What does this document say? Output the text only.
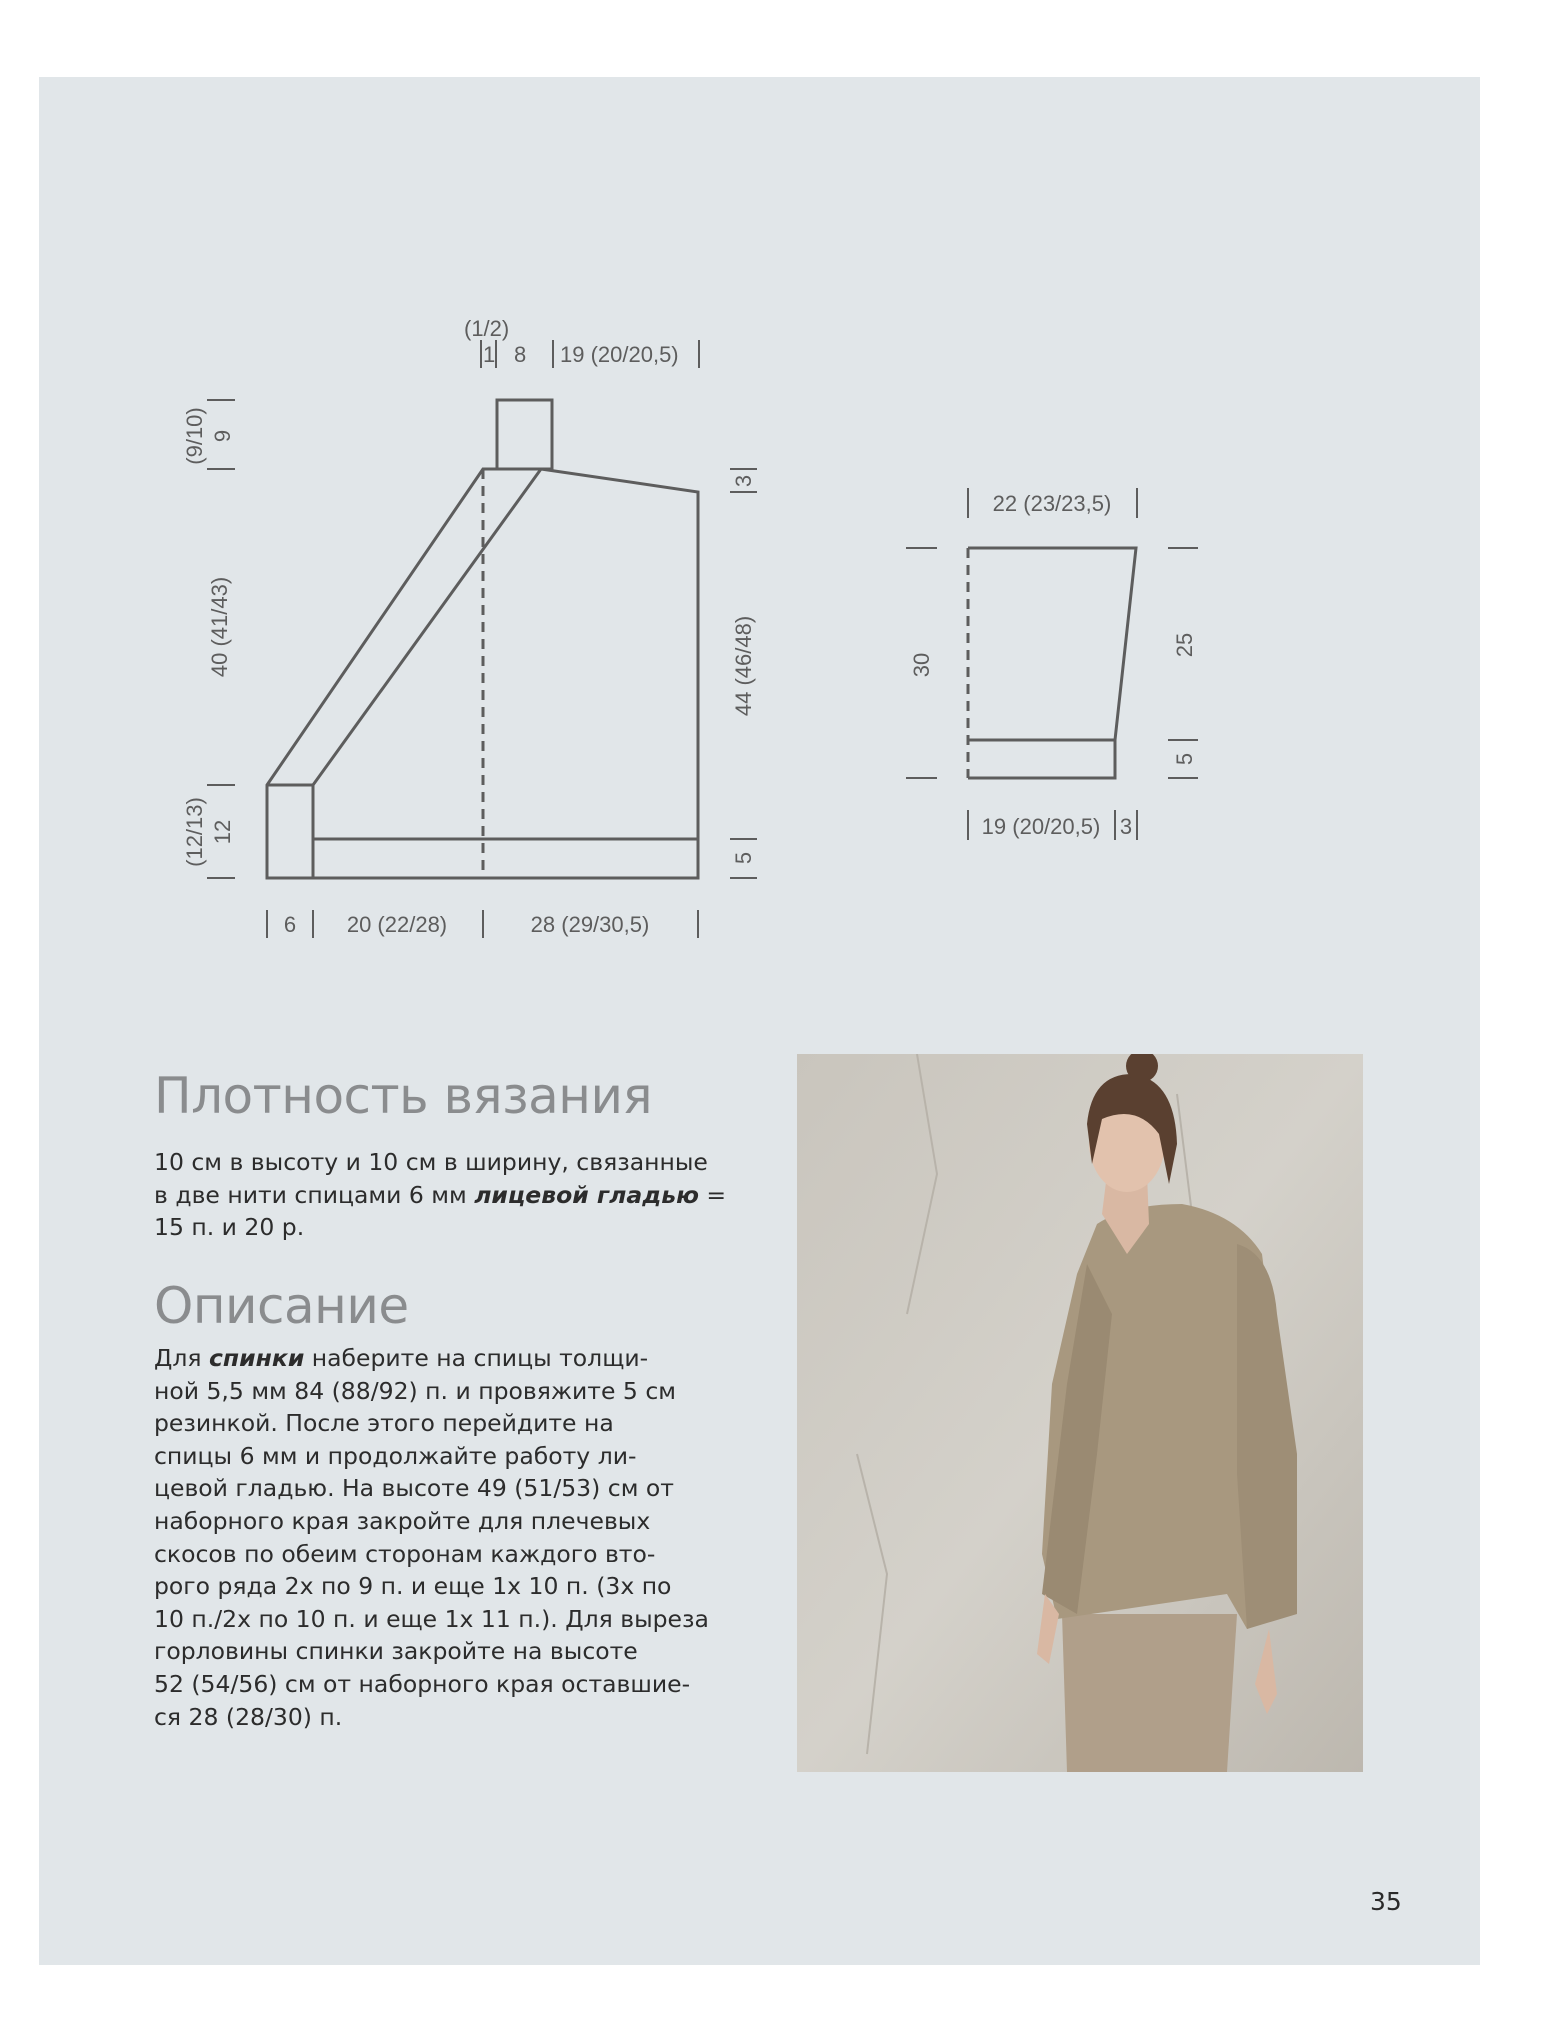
(1/2)
1 8 19 (20/20,5)
(9/10) 9
40 (41/43)
(12/13) 12
3
44 (46/48)
5
6 20 (22/28)	28 (29/30,5)
22 (23/23,5)
30
25
5
19 (20/20,5) 3
Плотность вязания

10 см в высоту и 10 см в ширину, связанные
в две нити спицами 6 мм лицевой гладью =
15 п. и 20 р.

Описание

Для спинки наберите на спицы толщи-
ной 5,5 мм 84 (88/92) п. и провяжите 5 см
резинкой. После этого перейдите на
спицы 6 мм и продолжайте работу ли-
цевой гладью. На высоте 49 (51/53) см от
наборного края закройте для плечевых
скосов по обеим сторонам каждого вто-
рого ряда 2х по 9 п. и еще 1х 10 п. (3х по
10 п./2х по 10 п. и еще 1х 11 п.). Для выреза
горловины спинки закройте на высоте
52 (54/56) см от наборного края оставшие-
ся 28 (28/30) п.

35
